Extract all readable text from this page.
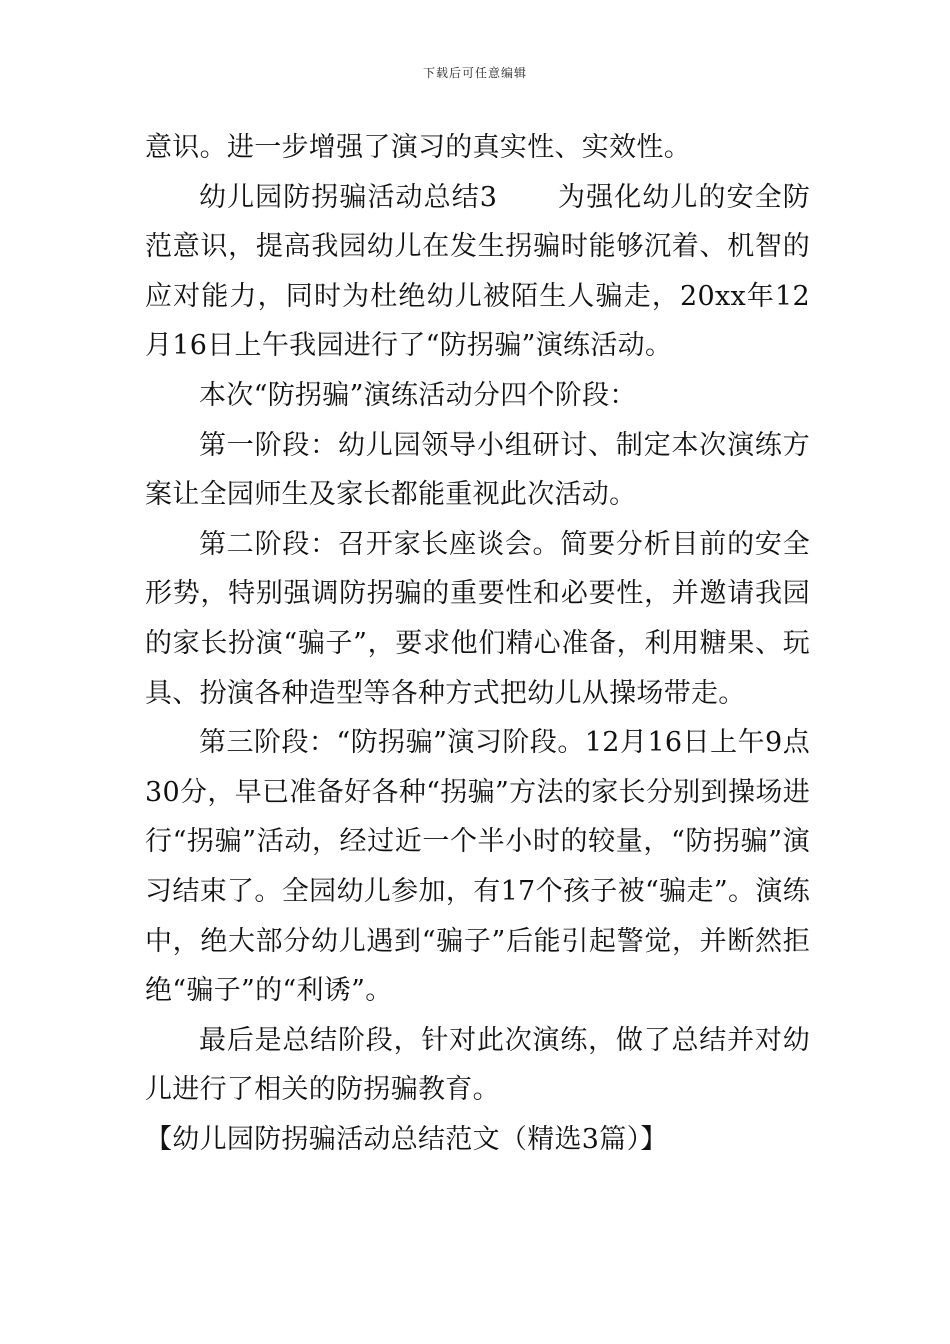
下载后可任意编辑

意识。进一步增强了演习的真实性、实效性。

幼儿园防拐骗活动总结3 为强化幼儿的安全防范意识，提高我园幼儿在发生拐骗时能够沉着、机智的应对能力，同时为杜绝幼儿被陌生人骗走，20xx年12月16日上午我园进行了“防拐骗”演练活动。

本次“防拐骗”演练活动分四个阶段：

第一阶段：幼儿园领导小组研讨、制定本次演练方案让全园师生及家长都能重视此次活动。

第二阶段：召开家长座谈会。简要分析目前的安全形势，特别强调防拐骗的重要性和必要性，并邀请我园的家长扮演“骗子”，要求他们精心准备，利用糖果、玩具、扮演各种造型等各种方式把幼儿从操场带走。

第三阶段：“防拐骗”演习阶段。12月16日上午9点30分，早已准备好各种“拐骗”方法的家长分别到操场进行“拐骗”活动，经过近一个半小时的较量，“防拐骗”演习结束了。全园幼儿参加，有17个孩子被“骗走”。演练中，绝大部分幼儿遇到“骗子”后能引起警觉，并断然拒绝“骗子”的“利诱”。

最后是总结阶段，针对此次演练，做了总结并对幼儿进行了相关的防拐骗教育。

【幼儿园防拐骗活动总结范文（精选3篇）】
